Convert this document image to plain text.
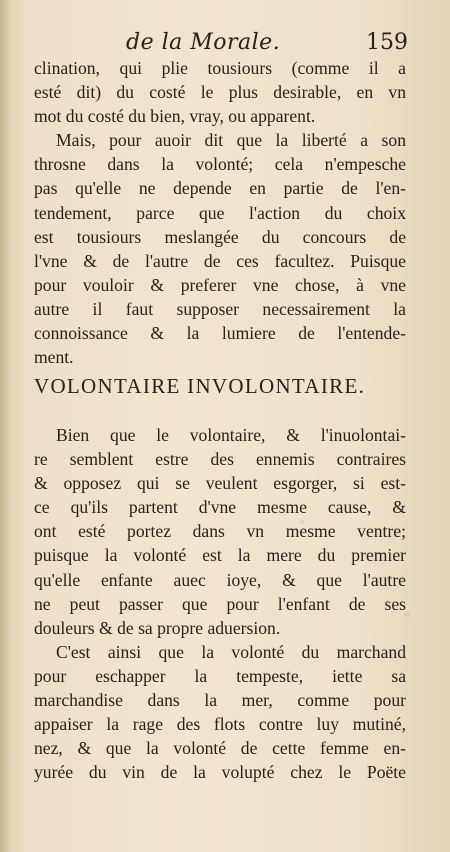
de la Morale.	159
clination, qui plie tousiours (comme il a
esté dit) du costé le plus desirable, en vn
mot du costé du bien, vray, ou apparent.
Mais, pour auoir dit que la liberté a son
throsne dans la volonté; cela n'empesche
pas qu'elle ne depende en partie de l'en-
tendement, parce que l'action du choix
est tousiours meslangée du concours de
l'vne & de l'autre de ces facultez. Puisque
pour vouloir & preferer vne chose, à vne
autre il faut supposer necessairement la
connoissance & la lumiere de l'entende-
ment.
VOLONTAIRE INVOLONTAIRE.
Bien que le volontaire, & l'inuolontai-
re semblent estre des ennemis contraires
& opposez qui se veulent esgorger, si est-
ce qu'ils partent d'vne mesme cause, &
ont esté portez dans vn mesme ventre;
puisque la volonté est la mere du premier
qu'elle enfante auec ioye, & que l'autre
ne peut passer que pour l'enfant de ses
douleurs & de sa propre aduersion.
C'est ainsi que la volonté du marchand
pour eschapper la tempeste, iette sa
marchandise dans la mer, comme pour
appaiser la rage des flots contre luy mutiné,
nez, & que la volonté de cette femme en-
yurée du vin de la volupté chez le Poëte
